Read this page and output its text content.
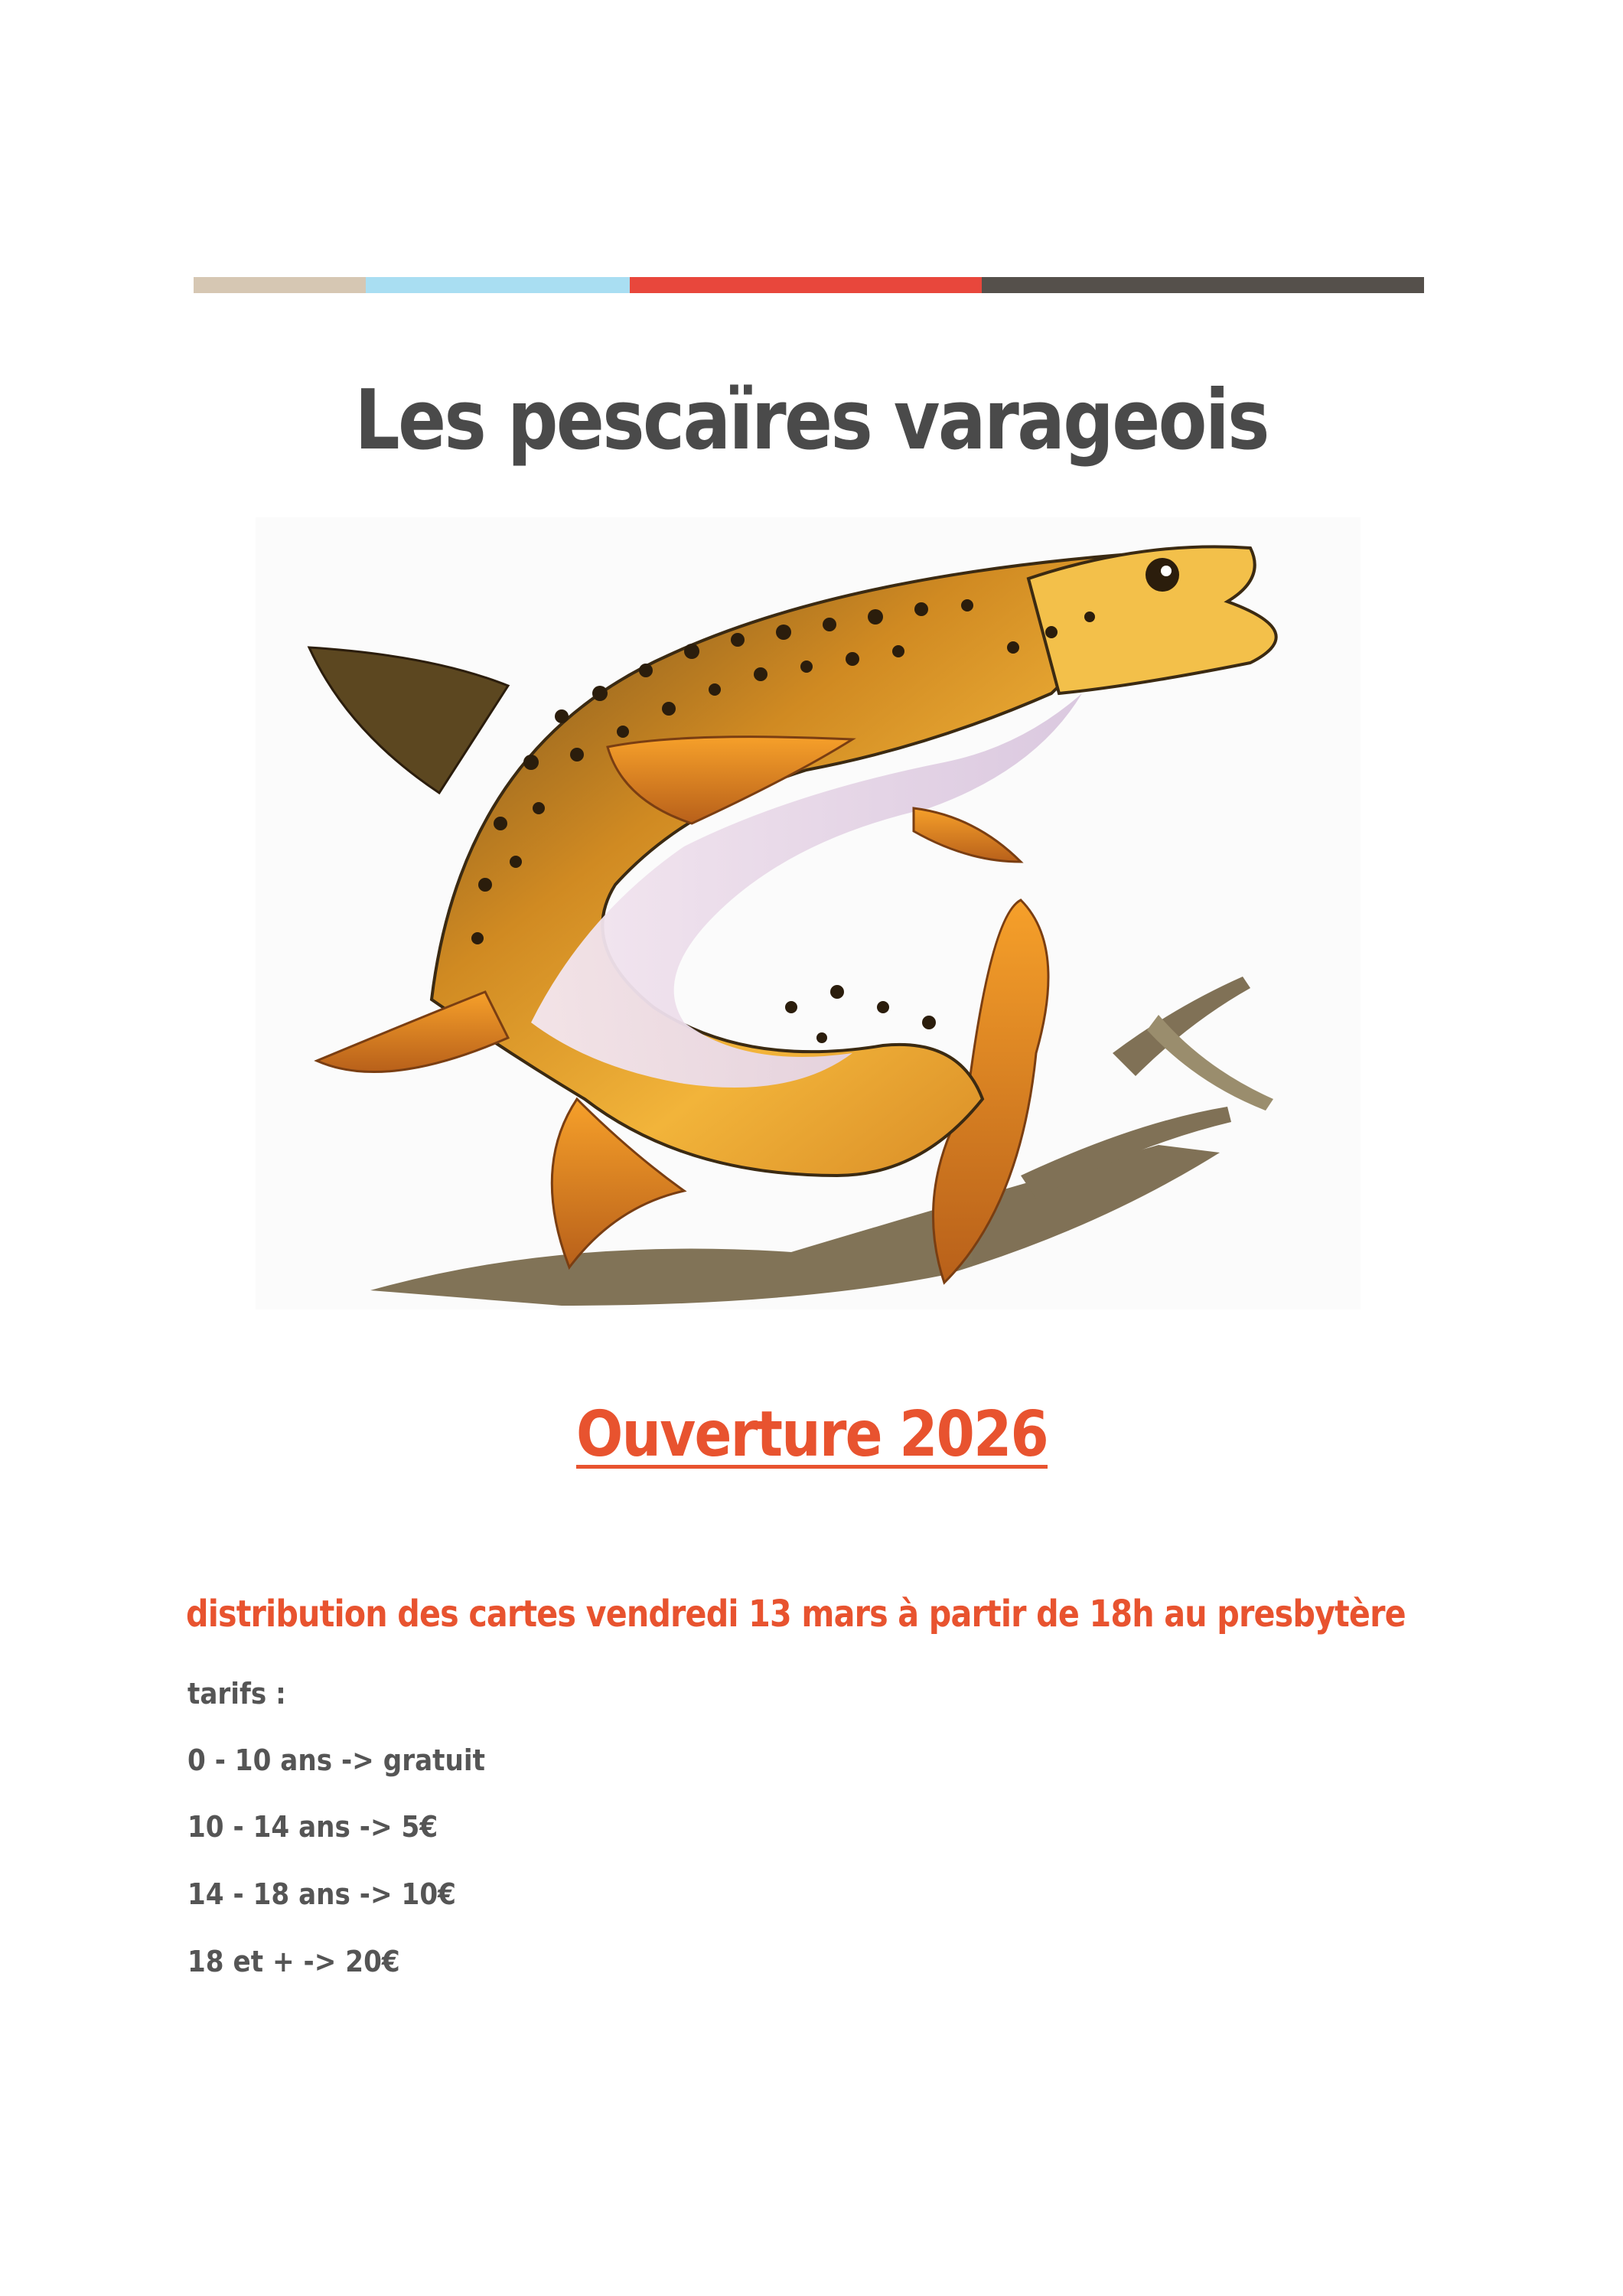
Les pescaïres varageois
Ouverture 2026

distribution des cartes vendredi 13 mars à partir de 18h au presbytère

tarifs :

0 - 10 ans -> gratuit

10 - 14 ans -> 5€

14 - 18 ans -> 10€

18 et + -> 20€
